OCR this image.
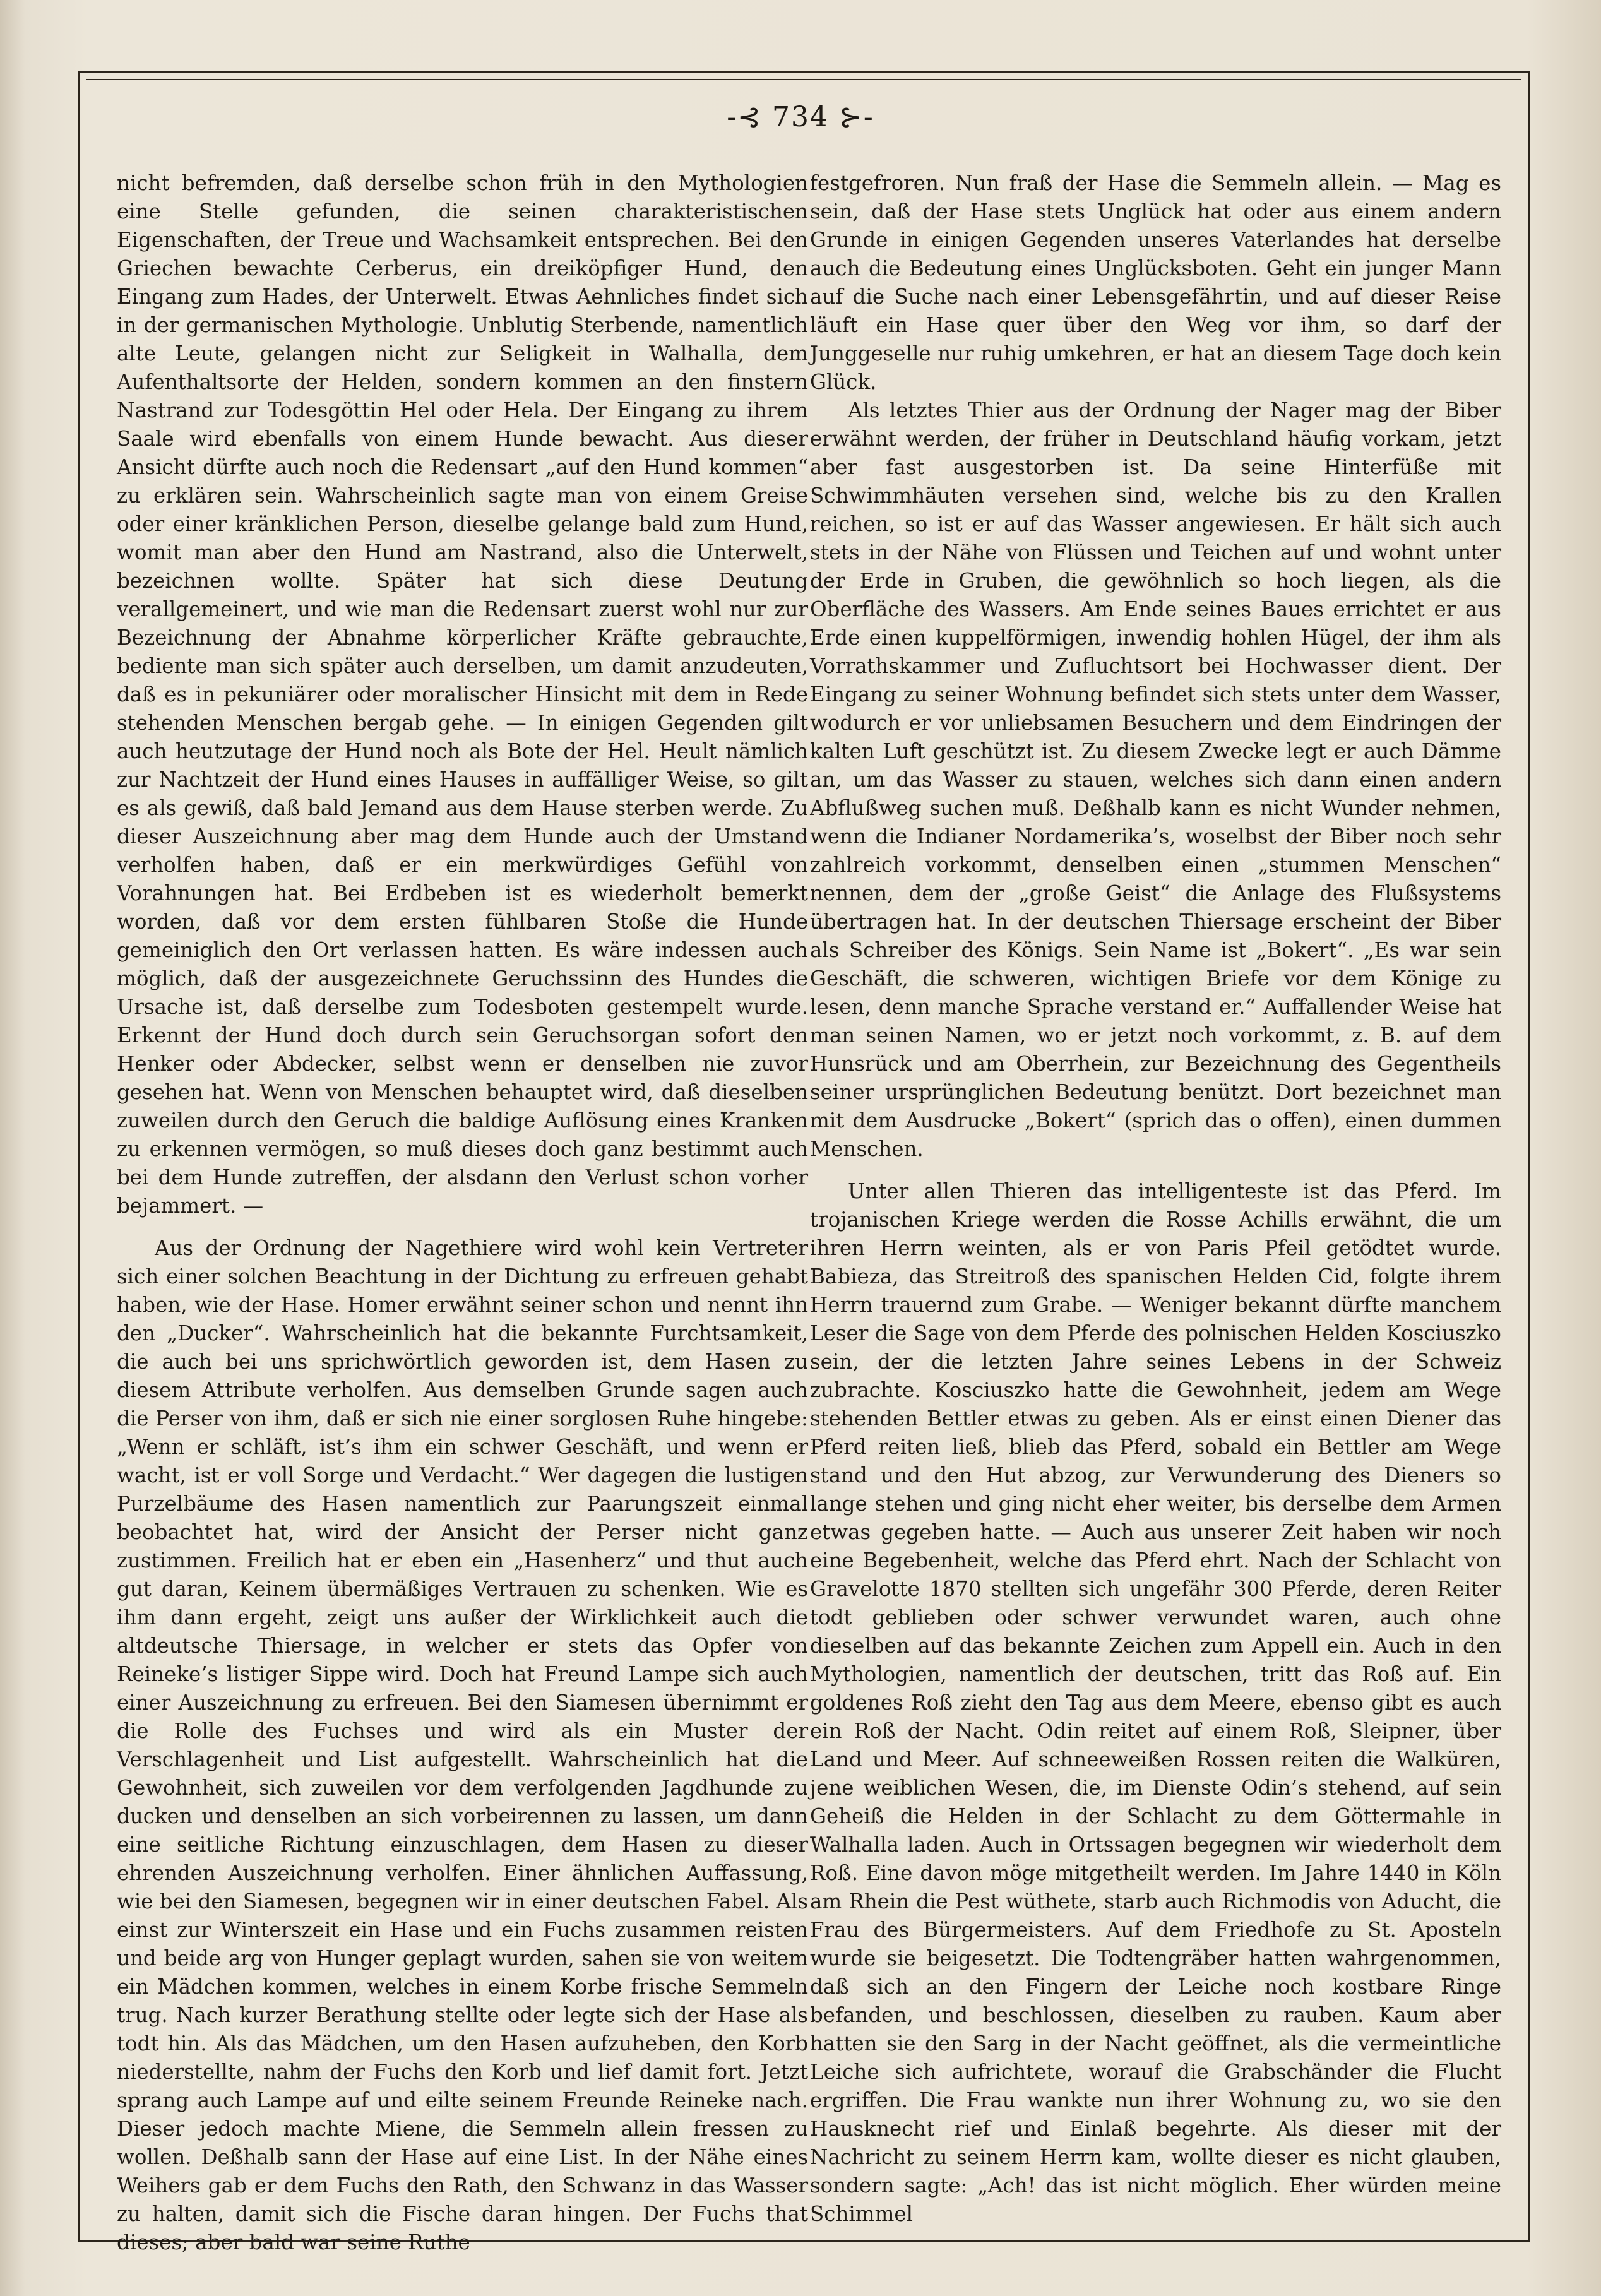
-⊰ 734 ⊱-

nicht befremden, daß derselbe schon früh in den Mythologien eine Stelle gefunden, die seinen charakteristischen Eigenschaften, der Treue und Wachsamkeit entsprechen. Bei den Griechen bewachte Cerberus, ein dreiköpfiger Hund, den Eingang zum Hades, der Unterwelt. Etwas Aehnliches findet sich in der germanischen Mythologie. Unblutig Sterbende, namentlich alte Leute, gelangen nicht zur Seligkeit in Walhalla, dem Aufenthaltsorte der Helden, sondern kommen an den finstern Nastrand zur Todesgöttin Hel oder Hela. Der Eingang zu ihrem Saale wird ebenfalls von einem Hunde bewacht. Aus dieser Ansicht dürfte auch noch die Redensart „auf den Hund kommen“ zu erklären sein. Wahrscheinlich sagte man von einem Greise oder einer kränklichen Person, dieselbe gelange bald zum Hund, womit man aber den Hund am Nastrand, also die Unterwelt, bezeichnen wollte. Später hat sich diese Deutung verallgemeinert, und wie man die Redensart zuerst wohl nur zur Bezeichnung der Abnahme körperlicher Kräfte gebrauchte, bediente man sich später auch derselben, um damit anzudeuten, daß es in pekuniärer oder moralischer Hinsicht mit dem in Rede stehenden Menschen bergab gehe. — In einigen Gegenden gilt auch heutzutage der Hund noch als Bote der Hel. Heult nämlich zur Nachtzeit der Hund eines Hauses in auffälliger Weise, so gilt es als gewiß, daß bald Jemand aus dem Hause sterben werde. Zu dieser Auszeichnung aber mag dem Hunde auch der Umstand verholfen haben, daß er ein merkwürdiges Gefühl von Vorahnungen hat. Bei Erdbeben ist es wiederholt bemerkt worden, daß vor dem ersten fühlbaren Stoße die Hunde gemeiniglich den Ort verlassen hatten. Es wäre indessen auch möglich, daß der ausgezeichnete Geruchssinn des Hundes die Ursache ist, daß derselbe zum Todesboten gestempelt wurde. Erkennt der Hund doch durch sein Geruchsorgan sofort den Henker oder Abdecker, selbst wenn er denselben nie zuvor gesehen hat. Wenn von Menschen behauptet wird, daß dieselben zuweilen durch den Geruch die baldige Auflösung eines Kranken zu erkennen vermögen, so muß dieses doch ganz bestimmt auch bei dem Hunde zutreffen, der alsdann den Verlust schon vorher bejammert. —

Aus der Ordnung der Nagethiere wird wohl kein Vertreter sich einer solchen Beachtung in der Dichtung zu erfreuen gehabt haben, wie der Hase. Homer erwähnt seiner schon und nennt ihn den „Ducker“. Wahrscheinlich hat die bekannte Furchtsamkeit, die auch bei uns sprichwörtlich geworden ist, dem Hasen zu diesem Attribute verholfen. Aus demselben Grunde sagen auch die Perser von ihm, daß er sich nie einer sorglosen Ruhe hingebe: „Wenn er schläft, ist’s ihm ein schwer Geschäft, und wenn er wacht, ist er voll Sorge und Verdacht.“ Wer dagegen die lustigen Purzelbäume des Hasen namentlich zur Paarungszeit einmal beobachtet hat, wird der Ansicht der Perser nicht ganz zustimmen. Freilich hat er eben ein „Hasenherz“ und thut auch gut daran, Keinem übermäßiges Vertrauen zu schenken. Wie es ihm dann ergeht, zeigt uns außer der Wirklichkeit auch die altdeutsche Thiersage, in welcher er stets das Opfer von Reineke’s listiger Sippe wird. Doch hat Freund Lampe sich auch einer Auszeichnung zu erfreuen. Bei den Siamesen übernimmt er die Rolle des Fuchses und wird als ein Muster der Verschlagenheit und List aufgestellt. Wahrscheinlich hat die Gewohnheit, sich zuweilen vor dem verfolgenden Jagdhunde zu ducken und denselben an sich vorbeirennen zu lassen, um dann eine seitliche Richtung einzuschlagen, dem Hasen zu dieser ehrenden Auszeichnung verholfen. Einer ähnlichen Auffassung, wie bei den Siamesen, begegnen wir in einer deutschen Fabel. Als einst zur Winterszeit ein Hase und ein Fuchs zusammen reisten und beide arg von Hunger geplagt wurden, sahen sie von weitem ein Mädchen kommen, welches in einem Korbe frische Semmeln trug. Nach kurzer Berathung stellte oder legte sich der Hase als todt hin. Als das Mädchen, um den Hasen aufzuheben, den Korb niederstellte, nahm der Fuchs den Korb und lief damit fort. Jetzt sprang auch Lampe auf und eilte seinem Freunde Reineke nach. Dieser jedoch machte Miene, die Semmeln allein fressen zu wollen. Deßhalb sann der Hase auf eine List. In der Nähe eines Weihers gab er dem Fuchs den Rath, den Schwanz in das Wasser zu halten, damit sich die Fische daran hingen. Der Fuchs that dieses; aber bald war seine Ruthe

festgefroren. Nun fraß der Hase die Semmeln allein. — Mag es sein, daß der Hase stets Unglück hat oder aus einem andern Grunde in einigen Gegenden unseres Vaterlandes hat derselbe auch die Bedeutung eines Unglücksboten. Geht ein junger Mann auf die Suche nach einer Lebensgefährtin, und auf dieser Reise läuft ein Hase quer über den Weg vor ihm, so darf der Junggeselle nur ruhig umkehren, er hat an diesem Tage doch kein Glück.

Als letztes Thier aus der Ordnung der Nager mag der Biber erwähnt werden, der früher in Deutschland häufig vorkam, jetzt aber fast ausgestorben ist. Da seine Hinterfüße mit Schwimmhäuten versehen sind, welche bis zu den Krallen reichen, so ist er auf das Wasser angewiesen. Er hält sich auch stets in der Nähe von Flüssen und Teichen auf und wohnt unter der Erde in Gruben, die gewöhnlich so hoch liegen, als die Oberfläche des Wassers. Am Ende seines Baues errichtet er aus Erde einen kuppelförmigen, inwendig hohlen Hügel, der ihm als Vorrathskammer und Zufluchtsort bei Hochwasser dient. Der Eingang zu seiner Wohnung befindet sich stets unter dem Wasser, wodurch er vor unliebsamen Besuchern und dem Eindringen der kalten Luft geschützt ist. Zu diesem Zwecke legt er auch Dämme an, um das Wasser zu stauen, welches sich dann einen andern Abflußweg suchen muß. Deßhalb kann es nicht Wunder nehmen, wenn die Indianer Nordamerika’s, woselbst der Biber noch sehr zahlreich vorkommt, denselben einen „stummen Menschen“ nennen, dem der „große Geist“ die Anlage des Flußsystems übertragen hat. In der deutschen Thiersage erscheint der Biber als Schreiber des Königs. Sein Name ist „Bokert“. „Es war sein Geschäft, die schweren, wichtigen Briefe vor dem Könige zu lesen, denn manche Sprache verstand er.“ Auffallender Weise hat man seinen Namen, wo er jetzt noch vorkommt, z. B. auf dem Hunsrück und am Oberrhein, zur Bezeichnung des Gegentheils seiner ursprünglichen Bedeutung benützt. Dort bezeichnet man mit dem Ausdrucke „Bokert“ (sprich das o offen), einen dummen Menschen.

Unter allen Thieren das intelligenteste ist das Pferd. Im trojanischen Kriege werden die Rosse Achills erwähnt, die um ihren Herrn weinten, als er von Paris Pfeil getödtet wurde. Babieza, das Streitroß des spanischen Helden Cid, folgte ihrem Herrn trauernd zum Grabe. — Weniger bekannt dürfte manchem Leser die Sage von dem Pferde des polnischen Helden Kosciuszko sein, der die letzten Jahre seines Lebens in der Schweiz zubrachte. Kosciuszko hatte die Gewohnheit, jedem am Wege stehenden Bettler etwas zu geben. Als er einst einen Diener das Pferd reiten ließ, blieb das Pferd, sobald ein Bettler am Wege stand und den Hut abzog, zur Verwunderung des Dieners so lange stehen und ging nicht eher weiter, bis derselbe dem Armen etwas gegeben hatte. — Auch aus unserer Zeit haben wir noch eine Begebenheit, welche das Pferd ehrt. Nach der Schlacht von Gravelotte 1870 stellten sich ungefähr 300 Pferde, deren Reiter todt geblieben oder schwer verwundet waren, auch ohne dieselben auf das bekannte Zeichen zum Appell ein. Auch in den Mythologien, namentlich der deutschen, tritt das Roß auf. Ein goldenes Roß zieht den Tag aus dem Meere, ebenso gibt es auch ein Roß der Nacht. Odin reitet auf einem Roß, Sleipner, über Land und Meer. Auf schneeweißen Rossen reiten die Walküren, jene weiblichen Wesen, die, im Dienste Odin’s stehend, auf sein Geheiß die Helden in der Schlacht zu dem Göttermahle in Walhalla laden. Auch in Ortssagen begegnen wir wiederholt dem Roß. Eine davon möge mitgetheilt werden. Im Jahre 1440 in Köln am Rhein die Pest wüthete, starb auch Richmodis von Aducht, die Frau des Bürgermeisters. Auf dem Friedhofe zu St. Aposteln wurde sie beigesetzt. Die Todtengräber hatten wahrgenommen, daß sich an den Fingern der Leiche noch kostbare Ringe befanden, und beschlossen, dieselben zu rauben. Kaum aber hatten sie den Sarg in der Nacht geöffnet, als die vermeintliche Leiche sich aufrichtete, worauf die Grabschänder die Flucht ergriffen. Die Frau wankte nun ihrer Wohnung zu, wo sie den Hausknecht rief und Einlaß begehrte. Als dieser mit der Nachricht zu seinem Herrn kam, wollte dieser es nicht glauben, sondern sagte: „Ach! das ist nicht möglich. Eher würden meine Schimmel
